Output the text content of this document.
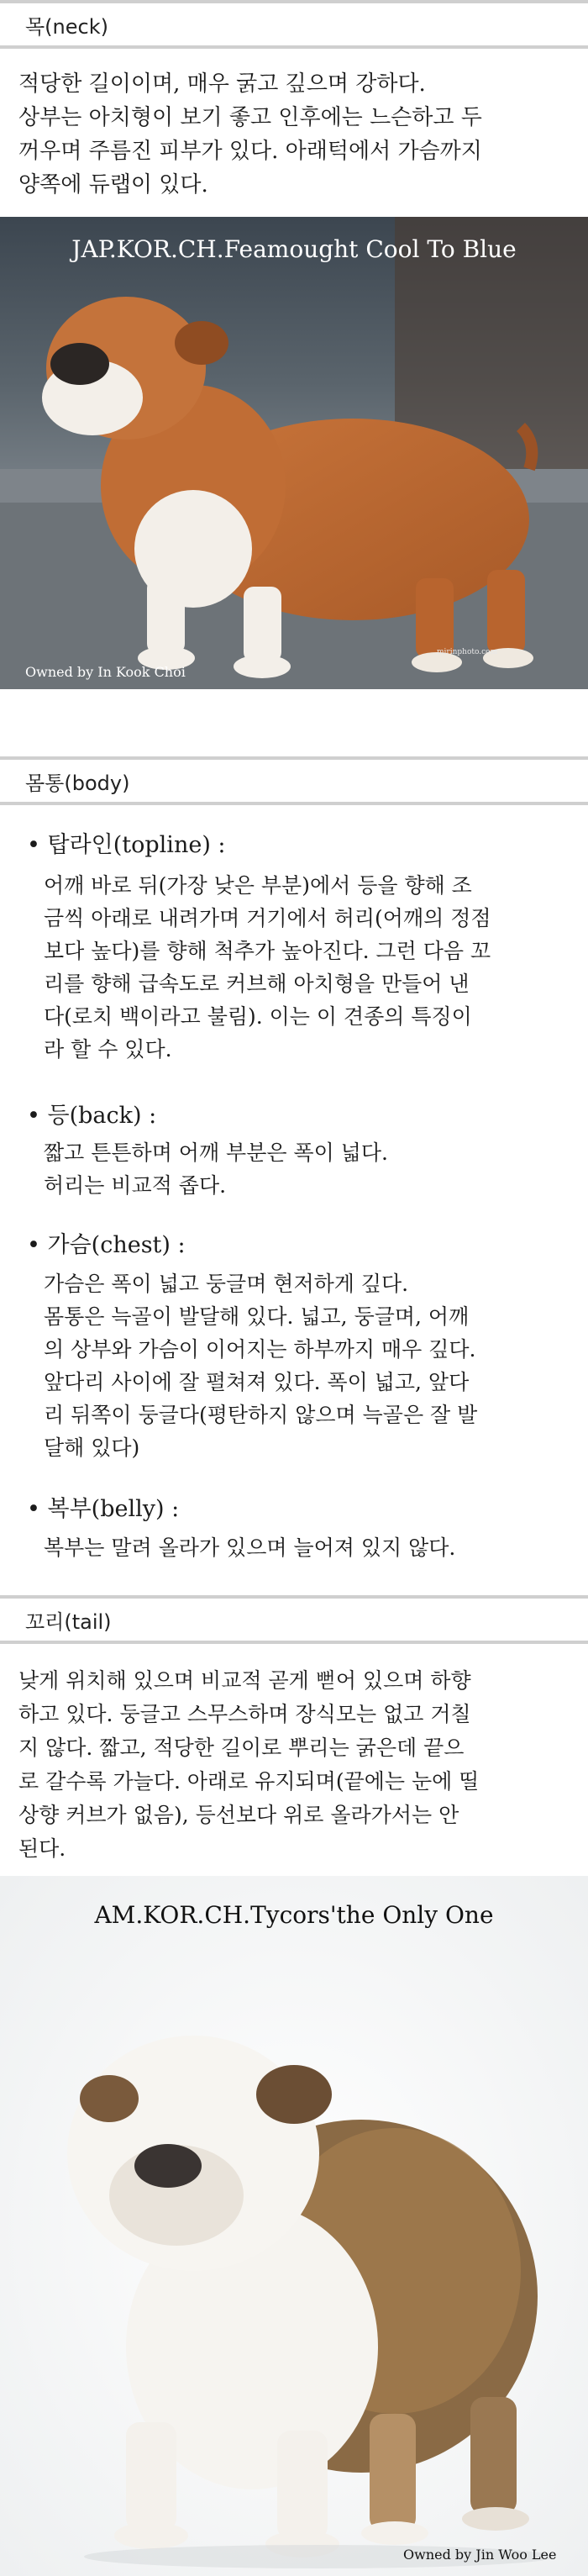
목(neck)
적당한 길이이며, 매우 굵고 깊으며 강하다.
상부는 아치형이 보기 좋고 인후에는 느슨하고 두
꺼우며 주름진 피부가 있다. 아래턱에서 가슴까지
양쪽에 듀랩이 있다.
JAP.KOR.CH.Feamought Cool To Blue
Owned by In Kook Choi
mirinphoto.com
몸통(body)
• 탑라인(topline) :
어깨 바로 뒤(가장 낮은 부분)에서 등을 향해 조
금씩 아래로 내려가며 거기에서 허리(어깨의 정점
보다 높다)를 향해 척추가 높아진다. 그런 다음 꼬
리를 향해 급속도로 커브해 아치형을 만들어 낸
다(로치 백이라고 불림). 이는 이 견종의 특징이
라 할 수 있다.
• 등(back) :
짧고 튼튼하며 어깨 부분은 폭이 넓다.
허리는 비교적 좁다.
• 가슴(chest) :
가슴은 폭이 넓고 둥글며 현저하게 깊다.
몸통은 늑골이 발달해 있다. 넓고, 둥글며, 어깨
의 상부와 가슴이 이어지는 하부까지 매우 깊다.
앞다리 사이에 잘 펼쳐져 있다. 폭이 넓고, 앞다
리 뒤쪽이 둥글다(평탄하지 않으며 늑골은 잘 발
달해 있다)
• 복부(belly) :
복부는 말려 올라가 있으며 늘어져 있지 않다.
꼬리(tail)
낮게 위치해 있으며 비교적 곧게 뻗어 있으며 하향
하고 있다. 둥글고 스무스하며 장식모는 없고 거칠
지 않다. 짧고, 적당한 길이로 뿌리는 굵은데 끝으
로 갈수록 가늘다. 아래로 유지되며(끝에는 눈에 띨
상향 커브가 없음), 등선보다 위로 올라가서는 안
된다.
AM.KOR.CH.Tycors'the Only One
Owned by Jin Woo Lee
